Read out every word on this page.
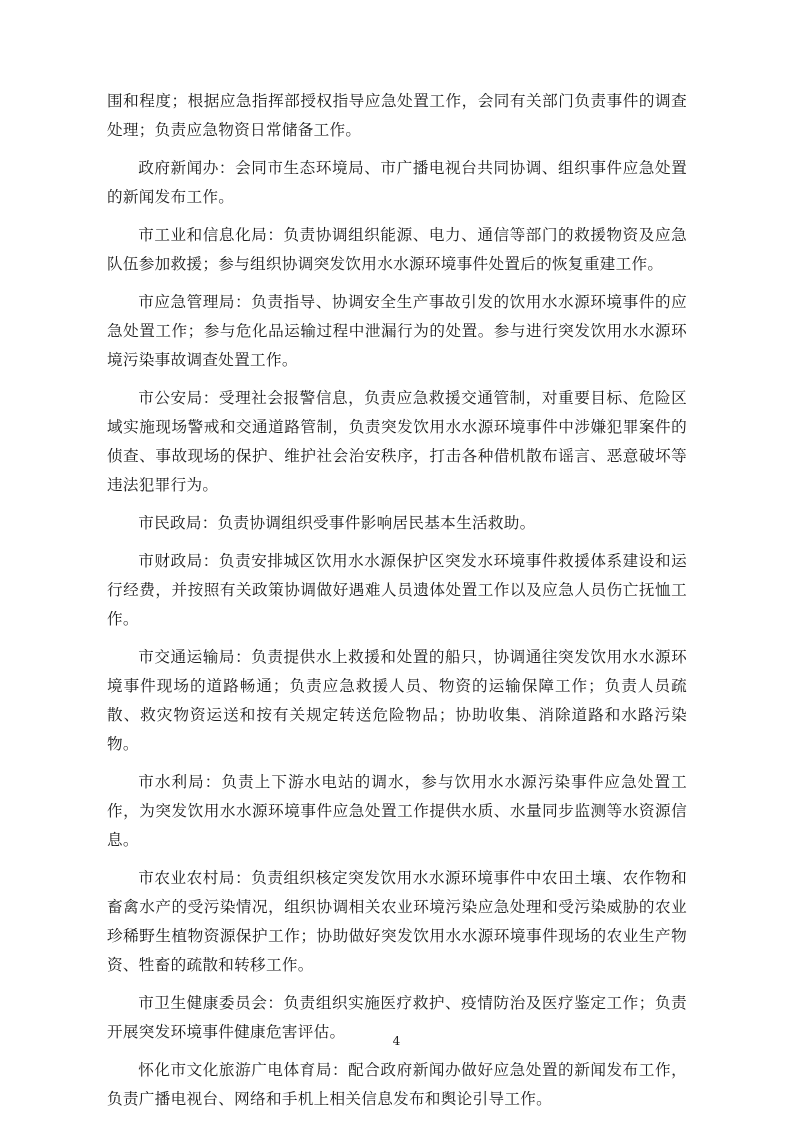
围和程度；根据应急指挥部授权指导应急处置工作，会同有关部门负责事件的调查处理；负责应急物资日常储备工作。

政府新闻办：会同市生态环境局、市广播电视台共同协调、组织事件应急处置的新闻发布工作。

市工业和信息化局：负责协调组织能源、电力、通信等部门的救援物资及应急队伍参加救援；参与组织协调突发饮用水水源环境事件处置后的恢复重建工作。

市应急管理局：负责指导、协调安全生产事故引发的饮用水水源环境事件的应急处置工作；参与危化品运输过程中泄漏行为的处置。参与进行突发饮用水水源环境污染事故调查处置工作。

市公安局：受理社会报警信息，负责应急救援交通管制，对重要目标、危险区域实施现场警戒和交通道路管制，负责突发饮用水水源环境事件中涉嫌犯罪案件的侦查、事故现场的保护、维护社会治安秩序，打击各种借机散布谣言、恶意破坏等违法犯罪行为。

市民政局：负责协调组织受事件影响居民基本生活救助。

市财政局：负责安排城区饮用水水源保护区突发水环境事件救援体系建设和运行经费，并按照有关政策协调做好遇难人员遗体处置工作以及应急人员伤亡抚恤工作。

市交通运输局：负责提供水上救援和处置的船只，协调通往突发饮用水水源环境事件现场的道路畅通；负责应急救援人员、物资的运输保障工作；负责人员疏散、救灾物资运送和按有关规定转送危险物品；协助收集、消除道路和水路污染物。

市水利局：负责上下游水电站的调水，参与饮用水水源污染事件应急处置工作，为突发饮用水水源环境事件应急处置工作提供水质、水量同步监测等水资源信息。

市农业农村局：负责组织核定突发饮用水水源环境事件中农田土壤、农作物和畜禽水产的受污染情况，组织协调相关农业环境污染应急处理和受污染威胁的农业珍稀野生植物资源保护工作；协助做好突发饮用水水源环境事件现场的农业生产物资、牲畜的疏散和转移工作。

市卫生健康委员会：负责组织实施医疗救护、疫情防治及医疗鉴定工作；负责开展突发环境事件健康危害评估。

怀化市文化旅游广电体育局：配合政府新闻办做好应急处置的新闻发布工作，负责广播电视台、网络和手机上相关信息发布和舆论引导工作。

4
